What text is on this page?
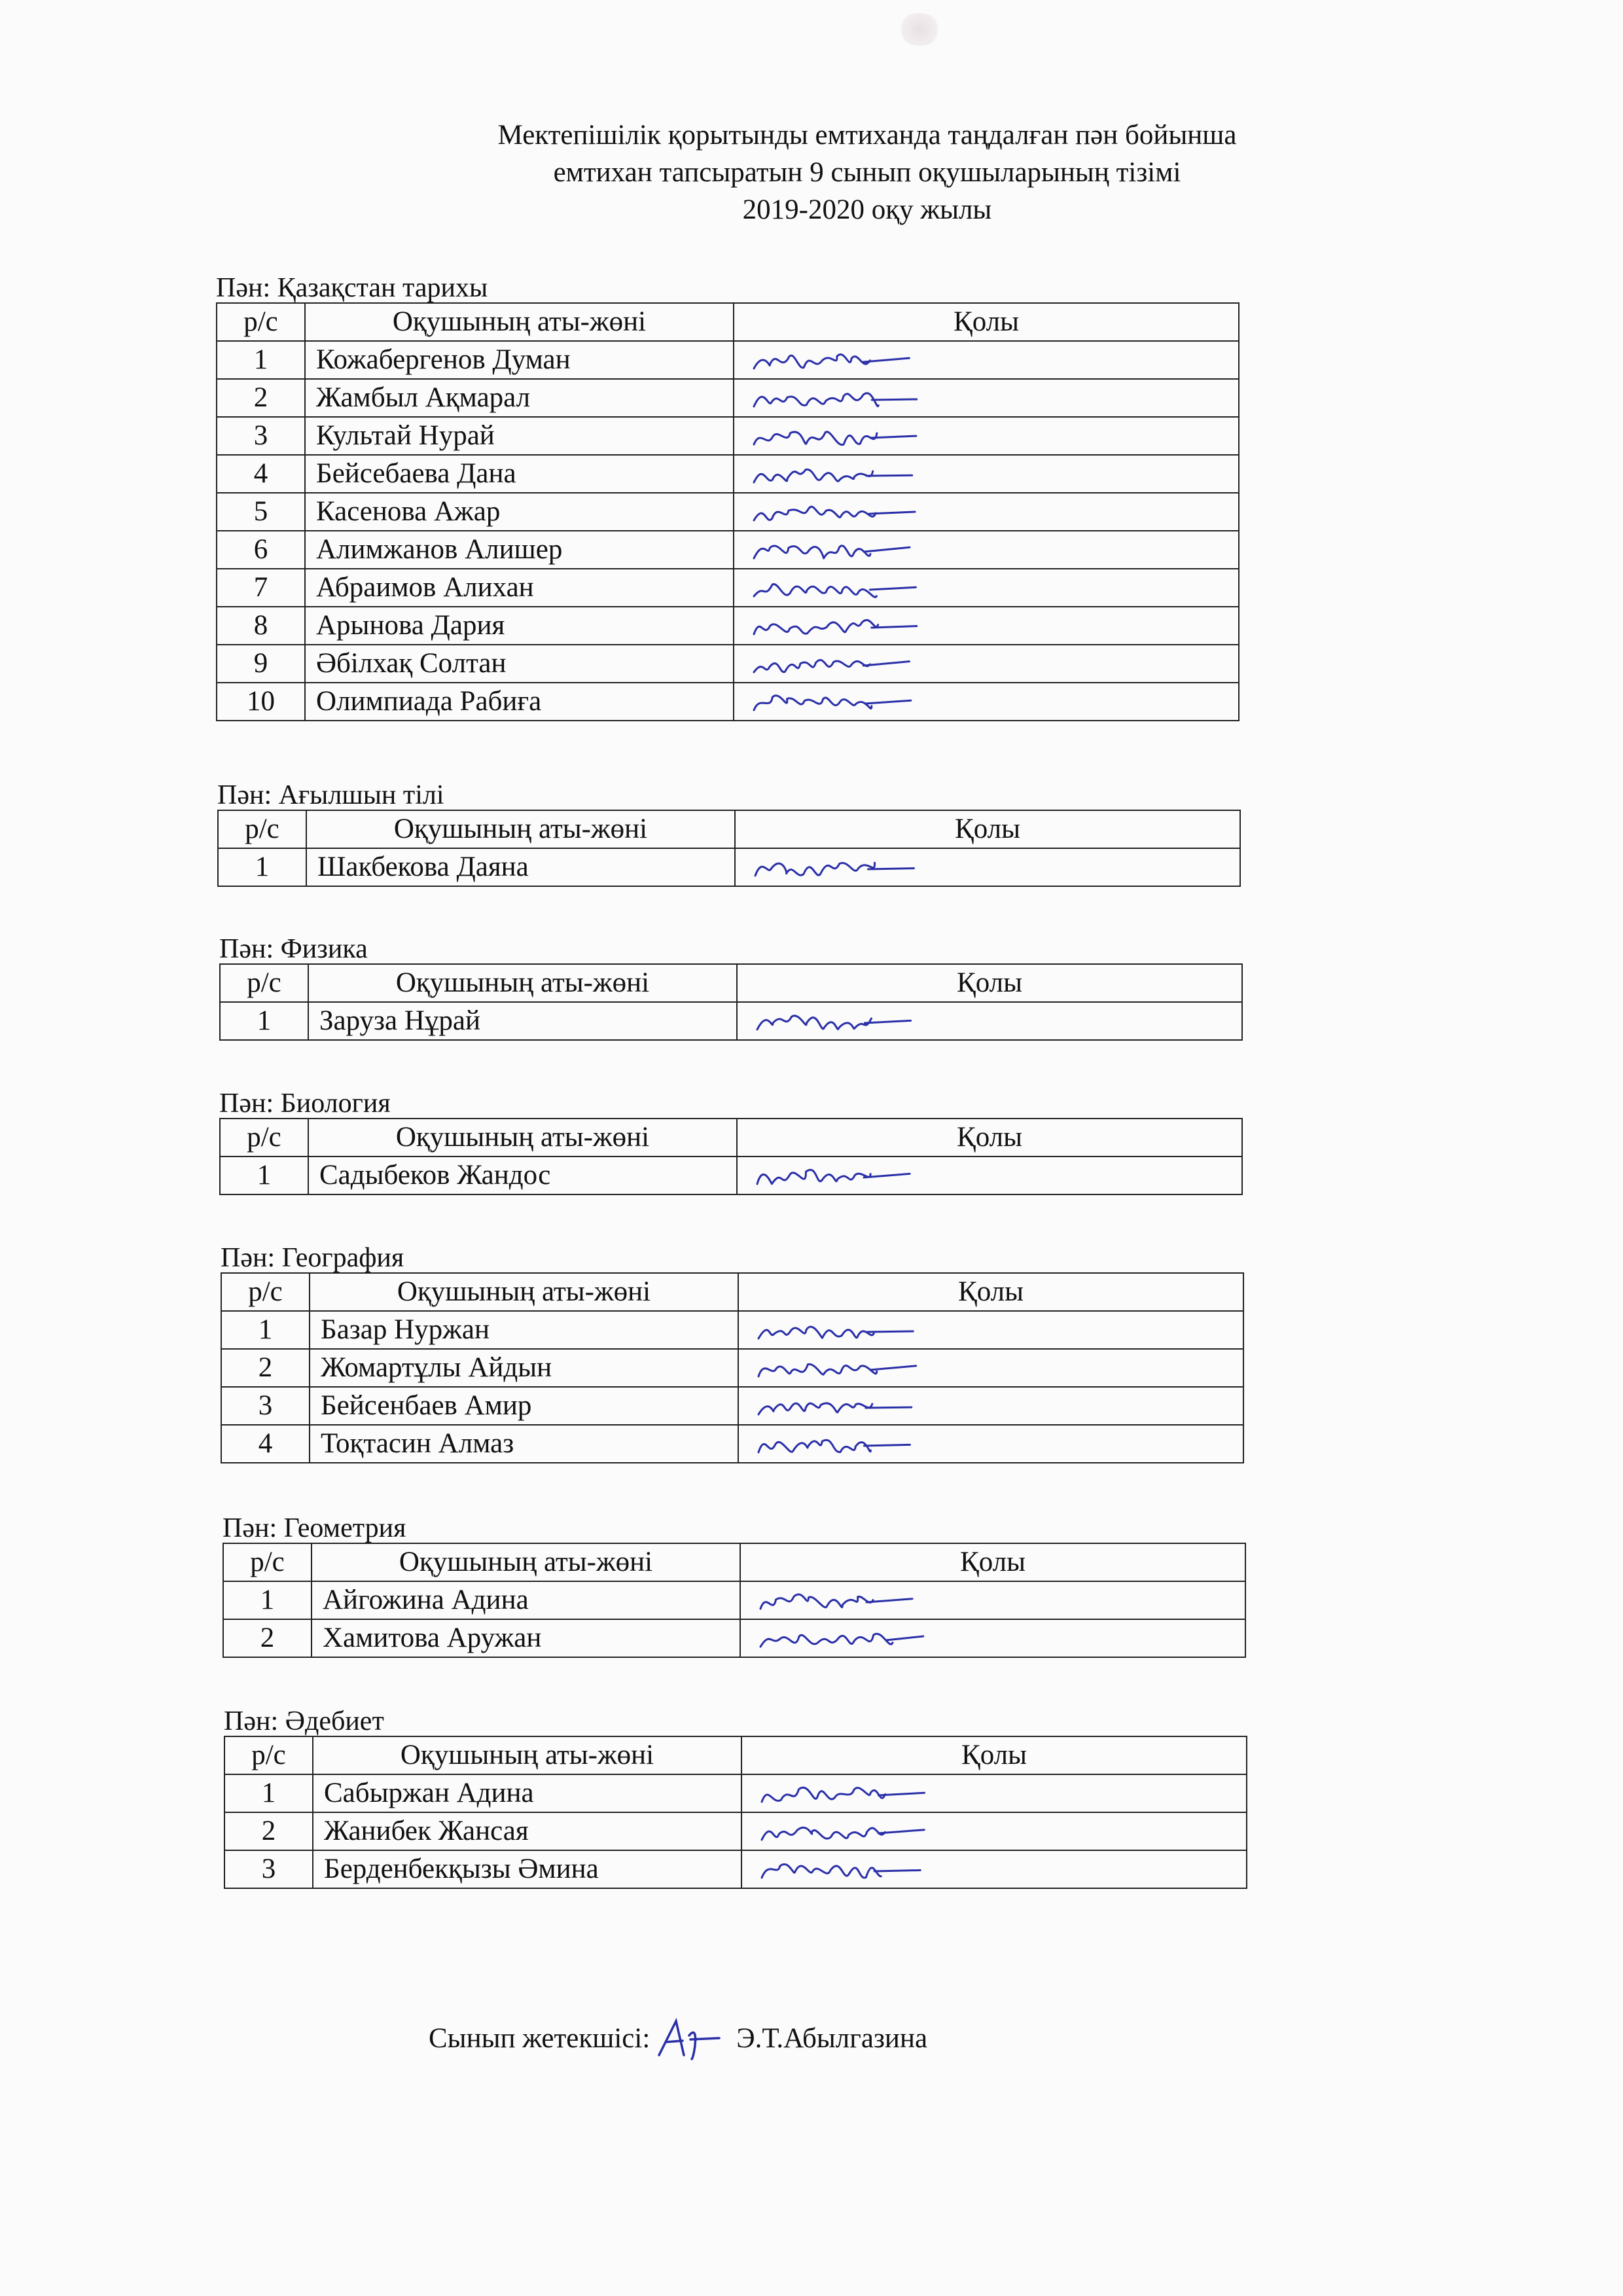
Мектепішілік қорытынды емтиханда таңдалған пән бойынша
емтихан тапсыратын 9 сынып оқушыларының тізімі
2019-2020 оқу жылы
Пән: Қазақстан тарихы
р/с	Оқушының аты-жөні	Қолы
1	Кожабергенов Думан	

2	Жамбыл Ақмарал	

3	Культай Нурай	

4	Бейсебаева Дана	

5	Касенова Ажар	

6	Алимжанов Алишер	

7	Абраимов Алихан	

8	Арынова Дария	

9	Әбілхақ Солтан	

10	Олимпиада Рабиға	
Пән: Ағылшын тілі
р/с	Оқушының аты-жөні	Қолы
1	Шакбекова Даяна	
Пән: Физика
р/с	Оқушының аты-жөні	Қолы
1	Заруза Нұрай	
Пән: Биология
р/с	Оқушының аты-жөні	Қолы
1	Садыбеков Жандос	
Пән: География
р/с	Оқушының аты-жөні	Қолы
1	Базар Нуржан	

2	Жомартұлы Айдын	

3	Бейсенбаев Амир	

4	Тоқтасин Алмаз	
Пән: Геометрия
р/с	Оқушының аты-жөні	Қолы
1	Айгожина Адина	

2	Хамитова Аружан	
Пән: Әдебиет
р/с	Оқушының аты-жөні	Қолы
1	Сабыржан Адина	

2	Жанибек Жансая	

3	Берденбекқызы Әмина	
Сынып жетекшісі:	Э.Т.Абылгазина
